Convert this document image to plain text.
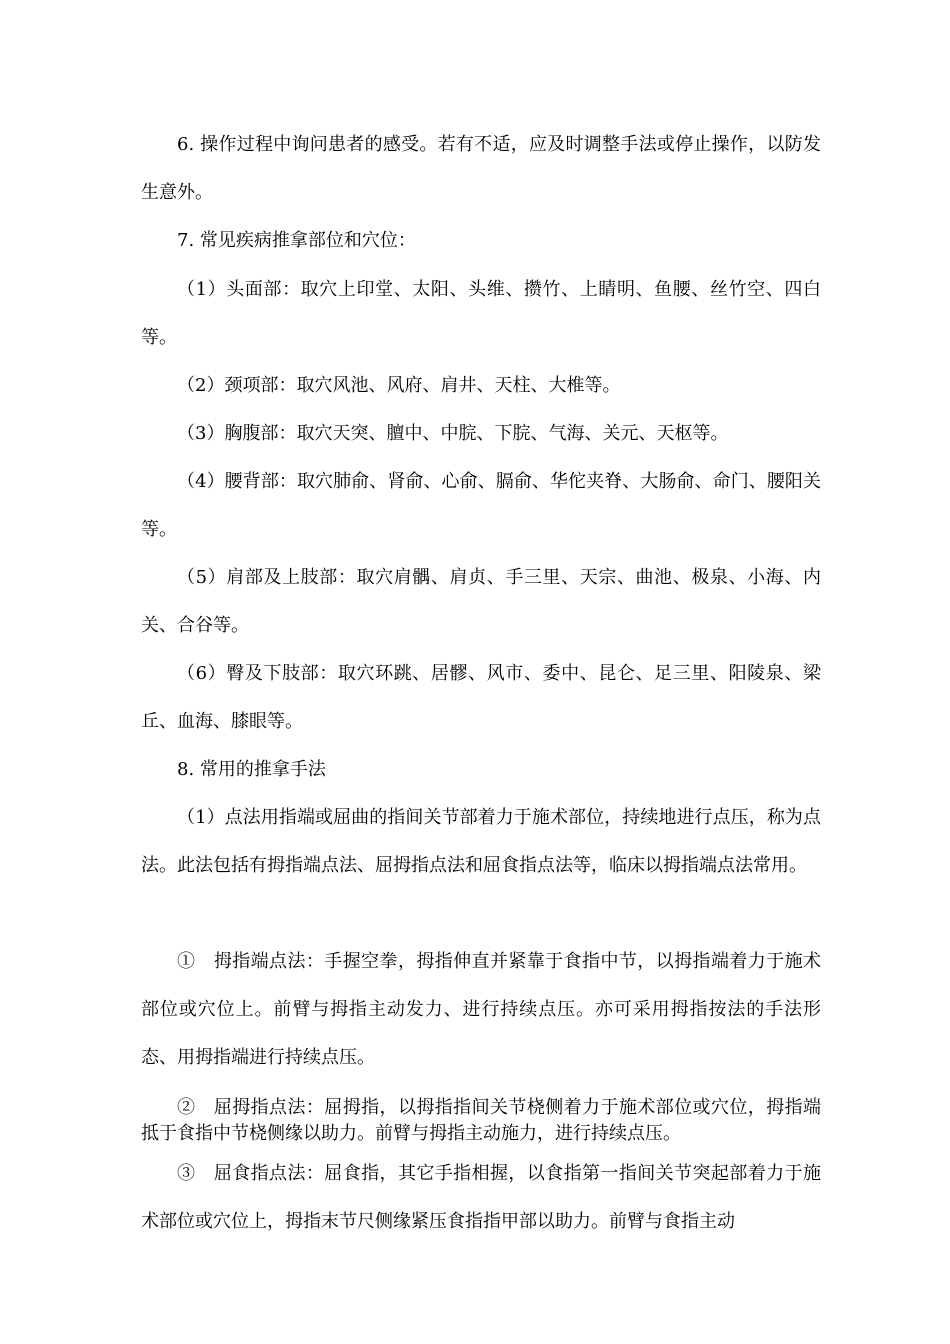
6. 操作过程中询问患者的感受。若有不适，应及时调整手法或停止操作，以防发生意外。

7. 常见疾病推拿部位和穴位：

（1）头面部：取穴上印堂、太阳、头维、攒竹、上睛明、鱼腰、丝竹空、四白等。

（2）颈项部：取穴风池、风府、肩井、天柱、大椎等。

（3）胸腹部：取穴天突、膻中、中脘、下脘、气海、关元、天枢等。

（4）腰背部：取穴肺俞、肾俞、心俞、膈俞、华佗夹脊、大肠俞、命门、腰阳关等。

（5）肩部及上肢部：取穴肩髃、肩贞、手三里、天宗、曲池、极泉、小海、内关、合谷等。

（6）臀及下肢部：取穴环跳、居髎、风市、委中、昆仑、足三里、阳陵泉、梁丘、血海、膝眼等。

8. 常用的推拿手法

（1）点法用指端或屈曲的指间关节部着力于施术部位，持续地进行点压，称为点法。此法包括有拇指端点法、屈拇指点法和屈食指点法等，临床以拇指端点法常用。

①　拇指端点法：手握空拳，拇指伸直并紧靠于食指中节，以拇指端着力于施术部位或穴位上。前臂与拇指主动发力、进行持续点压。亦可采用拇指按法的手法形态、用拇指端进行持续点压。

②　屈拇指点法：屈拇指，以拇指指间关节桡侧着力于施术部位或穴位，拇指端抵于食指中节桡侧缘以助力。前臂与拇指主动施力，进行持续点压。

③　屈食指点法：屈食指，其它手指相握，以食指第一指间关节突起部着力于施术部位或穴位上，拇指末节尺侧缘紧压食指指甲部以助力。前臂与食指主动
